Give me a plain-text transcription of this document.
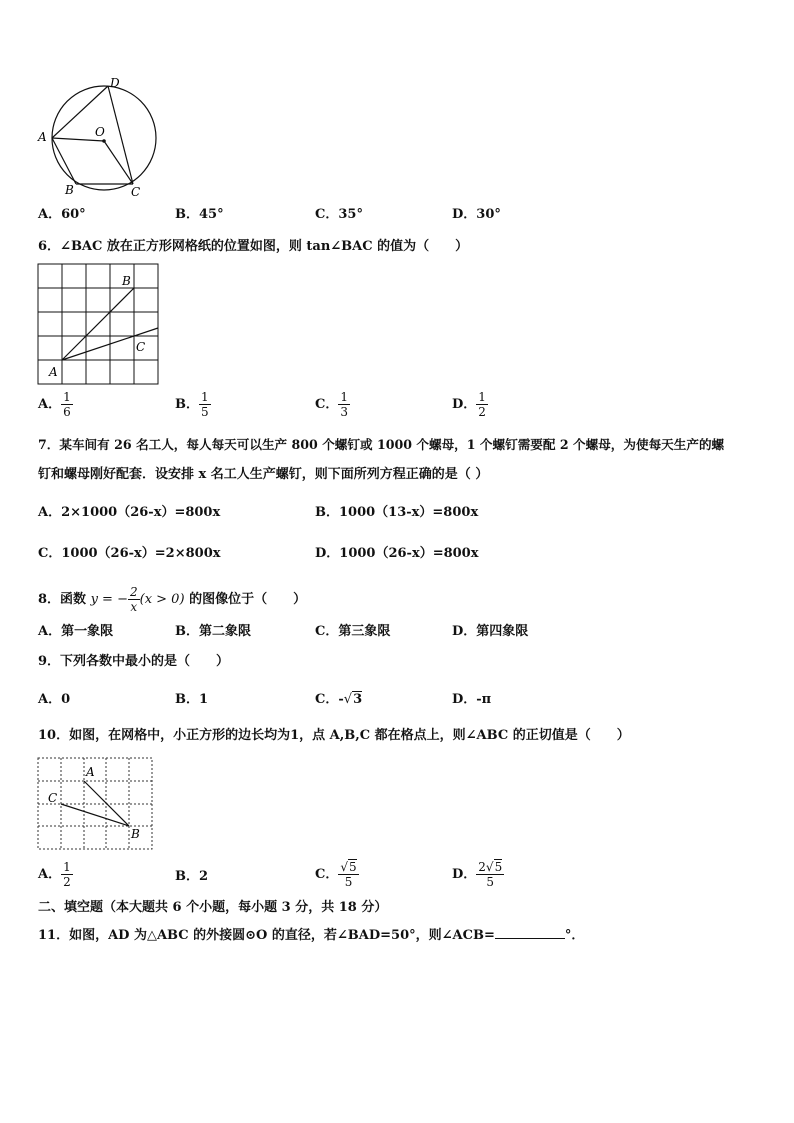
D
A	O
B	C
A．60°	B．45°	C．35°	D．30°
6．∠BAC 放在正方形网格纸的位置如图，则 tan∠BAC 的值为（　　）
A
B
C
A． $\frac{1}{6}$	B． $\frac{1}{5}$	C． $\frac{1}{3}$	D． $\frac{1}{2}$
7．某车间有 26 名工人，每人每天可以生产 800 个螺钉或 1000 个螺母，1 个螺钉需要配 2 个螺母，为使每天生产的螺
钉和螺母刚好配套．设安排 x 名工人生产螺钉，则下面所列方程正确的是（ ）
A．2×1000（26-x）=800x	B．1000（13-x）=800x
C．1000（26-x）=2×800x	D．1000（26-x）=800x
8．函数 y = − $\frac{2}{x} (x > 0)$ 的图像位于（　　）
A．第一象限	B．第二象限	C．第三象限	D．第四象限
9．下列各数中最小的是（　　）
A．0	B．1	C．-√3	D．-π
10．如图，在网格中，小正方形的边长均为1，点 A,B,C 都在格点上，则∠ABC 的正切值是（　　）
A
C
B
A． $\frac{1}{2}$	B．2	C． $\frac{√5}{5}$	D． $\frac{2√5}{5}$
二、填空题（本大题共 6 个小题，每小题 3 分，共 18 分）
11．如图，AD 为△ABC 的外接圆⊙O 的直径，若∠BAD=50°，则∠ACB=	°．
